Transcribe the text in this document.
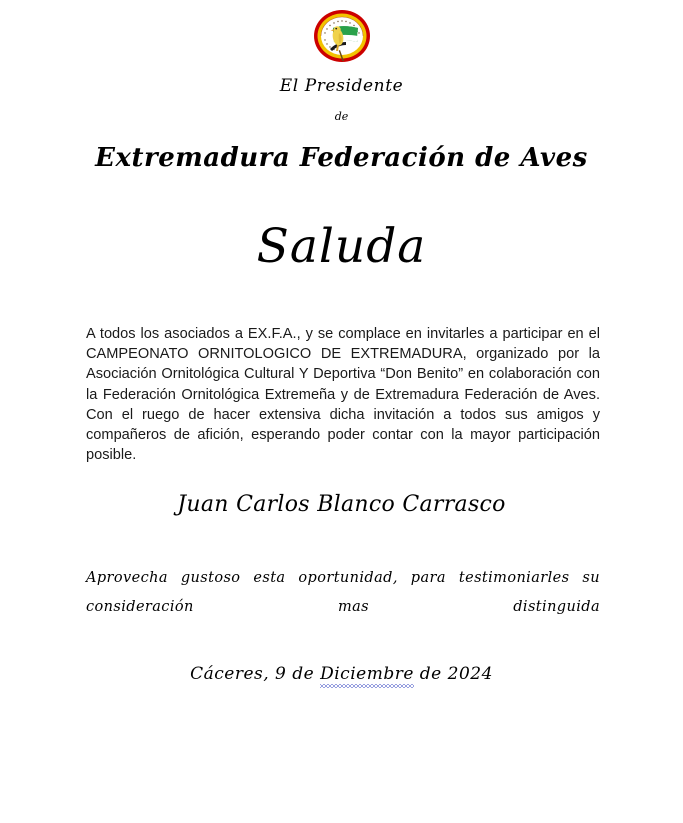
El Presidente
de
Extremadura Federación de Aves
Saluda

A todos los asociados a EX.F.A., y se complace en invitarles a participar en el CAMPEONATO ORNITOLOGICO DE EXTREMADURA, organizado por la Asociación Ornitológica Cultural Y Deportiva “Don Benito” en colaboración con la Federación Ornitológica Extremeña y de Extremadura Federación de Aves. Con el ruego de hacer extensiva dicha invitación a todos sus amigos y compañeros de afición, esperando poder contar con la mayor participación posible.

Juan Carlos Blanco Carrasco

Aprovecha gustoso esta oportunidad, para testimoniarles su consideración mas distinguida

Cáceres, 9 de Diciembre de 2024
